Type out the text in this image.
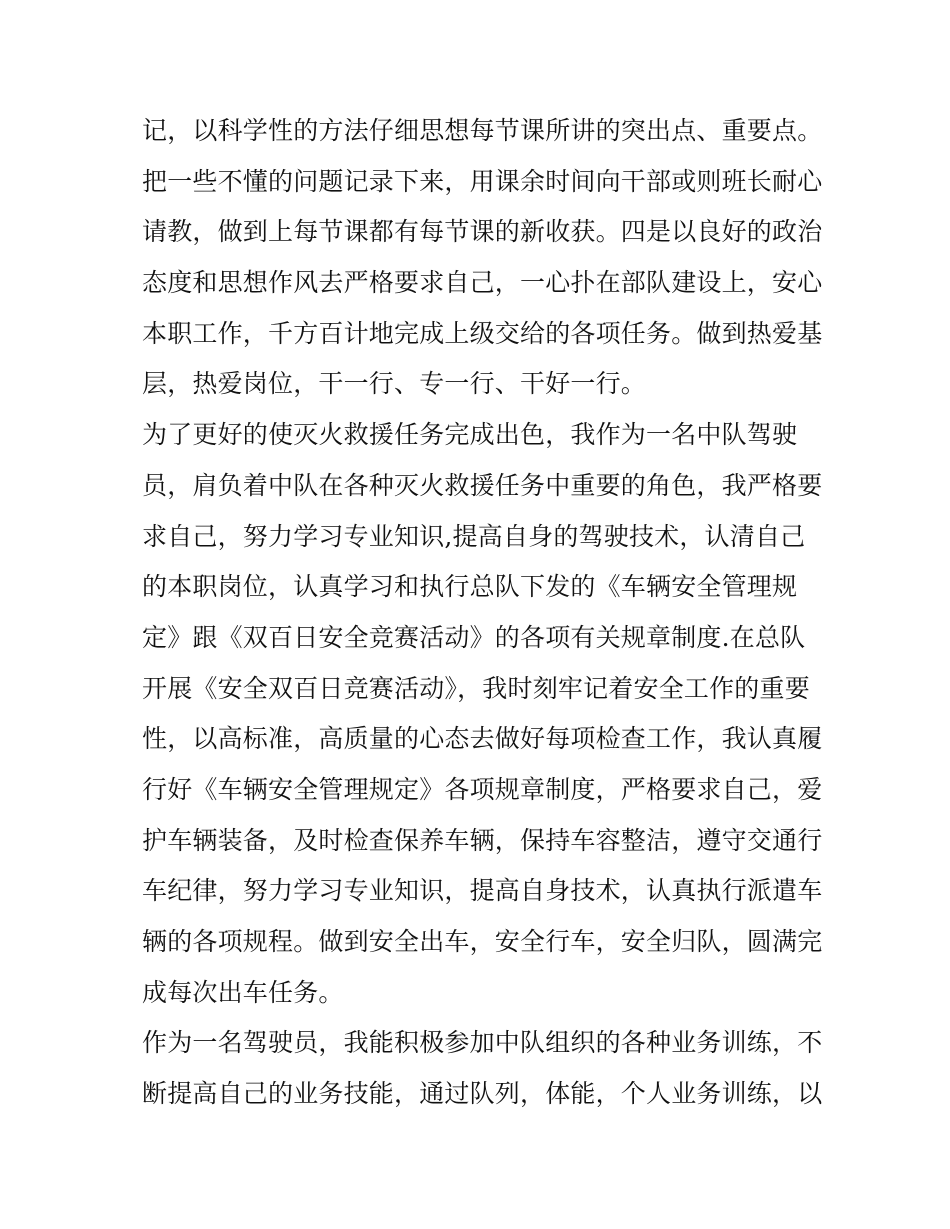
记，以科学性的方法仔细思想每节课所讲的突出点、重要点。
把一些不懂的问题记录下来，用课余时间向干部或则班长耐心
请教，做到上每节课都有每节课的新收获。四是以良好的政治
态度和思想作风去严格要求自己，一心扑在部队建设上，安心
本职工作，千方百计地完成上级交给的各项任务。做到热爱基
层，热爱岗位，干一行、专一行、干好一行。
为了更好的使灭火救援任务完成出色，我作为一名中队驾驶
员，肩负着中队在各种灭火救援任务中重要的角色，我严格要
求自己，努力学习专业知识,提高自身的驾驶技术，认清自己
的本职岗位，认真学习和执行总队下发的《车辆安全管理规
定》跟《双百日安全竞赛活动》的各项有关规章制度.在总队
开展《安全双百日竞赛活动》，我时刻牢记着安全工作的重要
性，以高标准，高质量的心态去做好每项检查工作，我认真履
行好《车辆安全管理规定》各项规章制度，严格要求自己，爱
护车辆装备，及时检查保养车辆，保持车容整洁，遵守交通行
车纪律，努力学习专业知识，提高自身技术，认真执行派遣车
辆的各项规程。做到安全出车，安全行车，安全归队，圆满完
成每次出车任务。
作为一名驾驶员，我能积极参加中队组织的各种业务训练，不
断提高自己的业务技能，通过队列，体能，个人业务训练，以
